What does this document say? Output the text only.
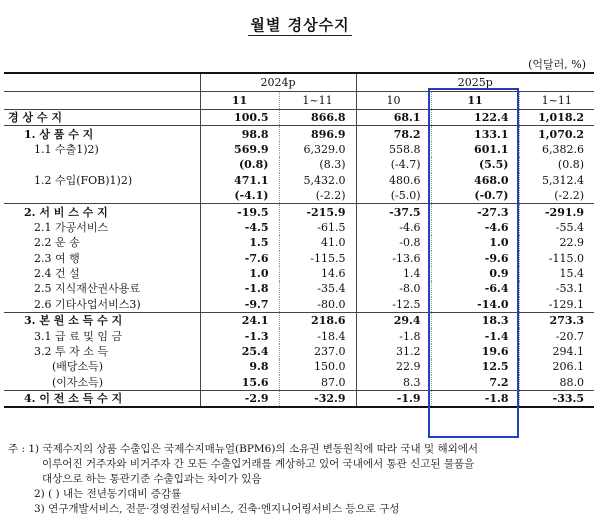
월별 경상수지
(억달러, %)
	2024p		2025p		
	11	1~11	10	11	1~11
경 상 수 지	100.5	866.8	68.1	122.4	1,018.2
1. 상 품 수 지	98.8	896.9	78.2	133.1	1,070.2
1.1 수출1)2)	569.9	6,329.0	558.8	601.1	6,382.6
	(0.8)	(8.3)	(-4.7)	(5.5)	(0.8)
1.2 수입(FOB)1)2)	471.1	5,432.0	480.6	468.0	5,312.4
	(-4.1)	(-2.2)	(-5.0)	(-0.7)	(-2.2)
2. 서 비 스 수 지	-19.5	-215.9	-37.5	-27.3	-291.9
2.1 가공서비스	-4.5	-61.5	-4.6	-4.6	-55.4
2.2 운 송	1.5	41.0	-0.8	1.0	22.9
2.3 여 행	-7.6	-115.5	-13.6	-9.6	-115.0
2.4 건 설	1.0	14.6	1.4	0.9	15.4
2.5 지식재산권사용료	-1.8	-35.4	-8.0	-6.4	-53.1
2.6 기타사업서비스3)	-9.7	-80.0	-12.5	-14.0	-129.1
3. 본 원 소 득 수 지	24.1	218.6	29.4	18.3	273.3
3.1 급 료 및 임 금	-1.3	-18.4	-1.8	-1.4	-20.7
3.2 투 자 소 득	25.4	237.0	31.2	19.6	294.1
(배당소득)	9.8	150.0	22.9	12.5	206.1
(이자소득)	15.6	87.0	8.3	7.2	88.0
4. 이 전 소 득 수 지	-2.9	-32.9	-1.9	-1.8	-33.5
주 : 1) 국제수지의 상품 수출입은 국제수지매뉴얼(BPM6)의 소유권 변동원칙에 따라 국내 및 해외에서
이루어진 거주자와 비거주자 간 모든 수출입거래를 계상하고 있어 국내에서 통관 신고된 물품을
대상으로 하는 통관기준 수출입과는 차이가 있음
2) ( ) 내는 전년동기대비 증감률
3) 연구개발서비스, 전문·경영컨설팅서비스, 건축·엔지니어링서비스 등으로 구성
